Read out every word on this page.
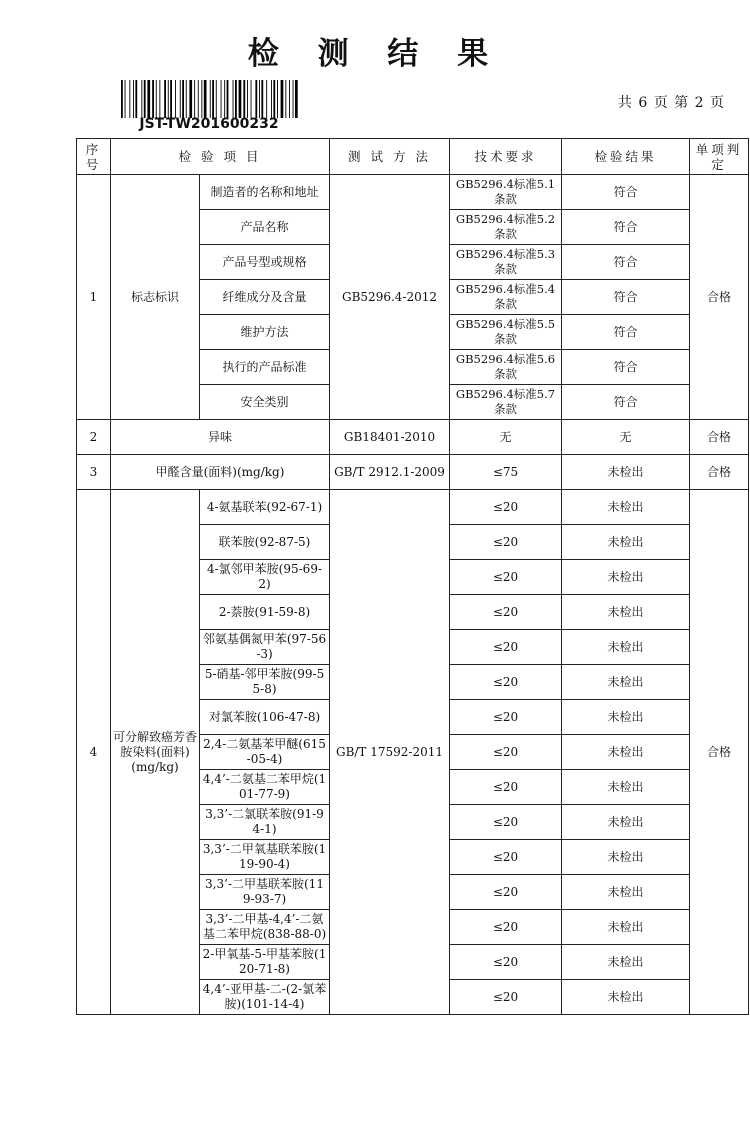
检 测 结 果
JST-TW201600232
共 6 页 第 2 页
序号	检 验 项 目		测 试 方 法	技术要求	检验结果	单项判定
1	标志标识	制造者的名称和地址	GB5296.4-2012	GB5296.4标准5.1条款	符合	合格
		产品名称		GB5296.4标准5.2条款	符合	
		产品号型或规格		GB5296.4标准5.3条款	符合	
		纤维成分及含量		GB5296.4标准5.4条款	符合	
		维护方法		GB5296.4标准5.5条款	符合	
		执行的产品标准		GB5296.4标准5.6条款	符合	
		安全类别		GB5296.4标准5.7条款	符合	
2	异味		GB18401-2010	无	无	合格
3	甲醛含量(面料)(mg/kg)		GB/T 2912.1-2009	≤75	未检出	合格
4	可分解致癌芳香胺染料(面料)(mg/kg)	4-氨基联苯(92-67-1)	GB/T 17592-2011	≤20	未检出	合格
		联苯胺(92-87-5)		≤20	未检出	
		4-氯邻甲苯胺(95-69-2)		≤20	未检出	
		2-萘胺(91-59-8)		≤20	未检出	
		邻氨基偶氮甲苯(97-56-3)		≤20	未检出	
		5-硝基-邻甲苯胺(99-55-8)		≤20	未检出	
		对氯苯胺(106-47-8)		≤20	未检出	
		2,4-二氨基苯甲醚(615-05-4)		≤20	未检出	
		4,4’-二氨基二苯甲烷(101-77-9)		≤20	未检出	
		3,3’-二氯联苯胺(91-94-1)		≤20	未检出	
		3,3’-二甲氧基联苯胺(119-90-4)		≤20	未检出	
		3,3’-二甲基联苯胺(119-93-7)		≤20	未检出	
		3,3’-二甲基-4,4’-二氨基二苯甲烷(838-88-0)		≤20	未检出	
		2-甲氧基-5-甲基苯胺(120-71-8)		≤20	未检出	
		4,4’-亚甲基-二-(2-氯苯胺)(101-14-4)		≤20	未检出	
